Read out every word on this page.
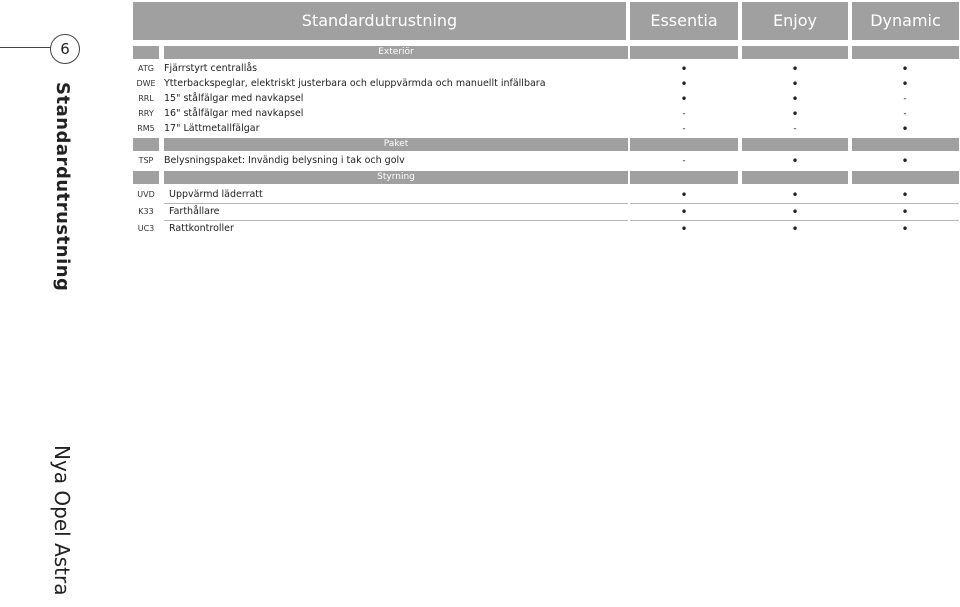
6
Standardutrustning
Nya Opel Astra
Standardutrustning	Essentia	Enjoy	Dynamic
Exteriör
ATG	Fjärrstyrt centrallås	•	•	•
DWE Ytterbackspeglar, elektriskt justerbara och eluppvärmda och manuellt infällbara	•	•	•
RRL	15" stålfälgar med navkapsel	•	•	-
RRY	16" stålfälgar med navkapsel	-	•	-
RM5 17" Lättmetallfälgar	-	-	•
Paket
TSP	Belysningspaket: Invändig belysning i tak och golv	-	•	•
Styrning
UVD	Uppvärmd läderratt	•	•	•
K33	Farthållare	•	•	•
UC3	Rattkontroller	•	•	•
